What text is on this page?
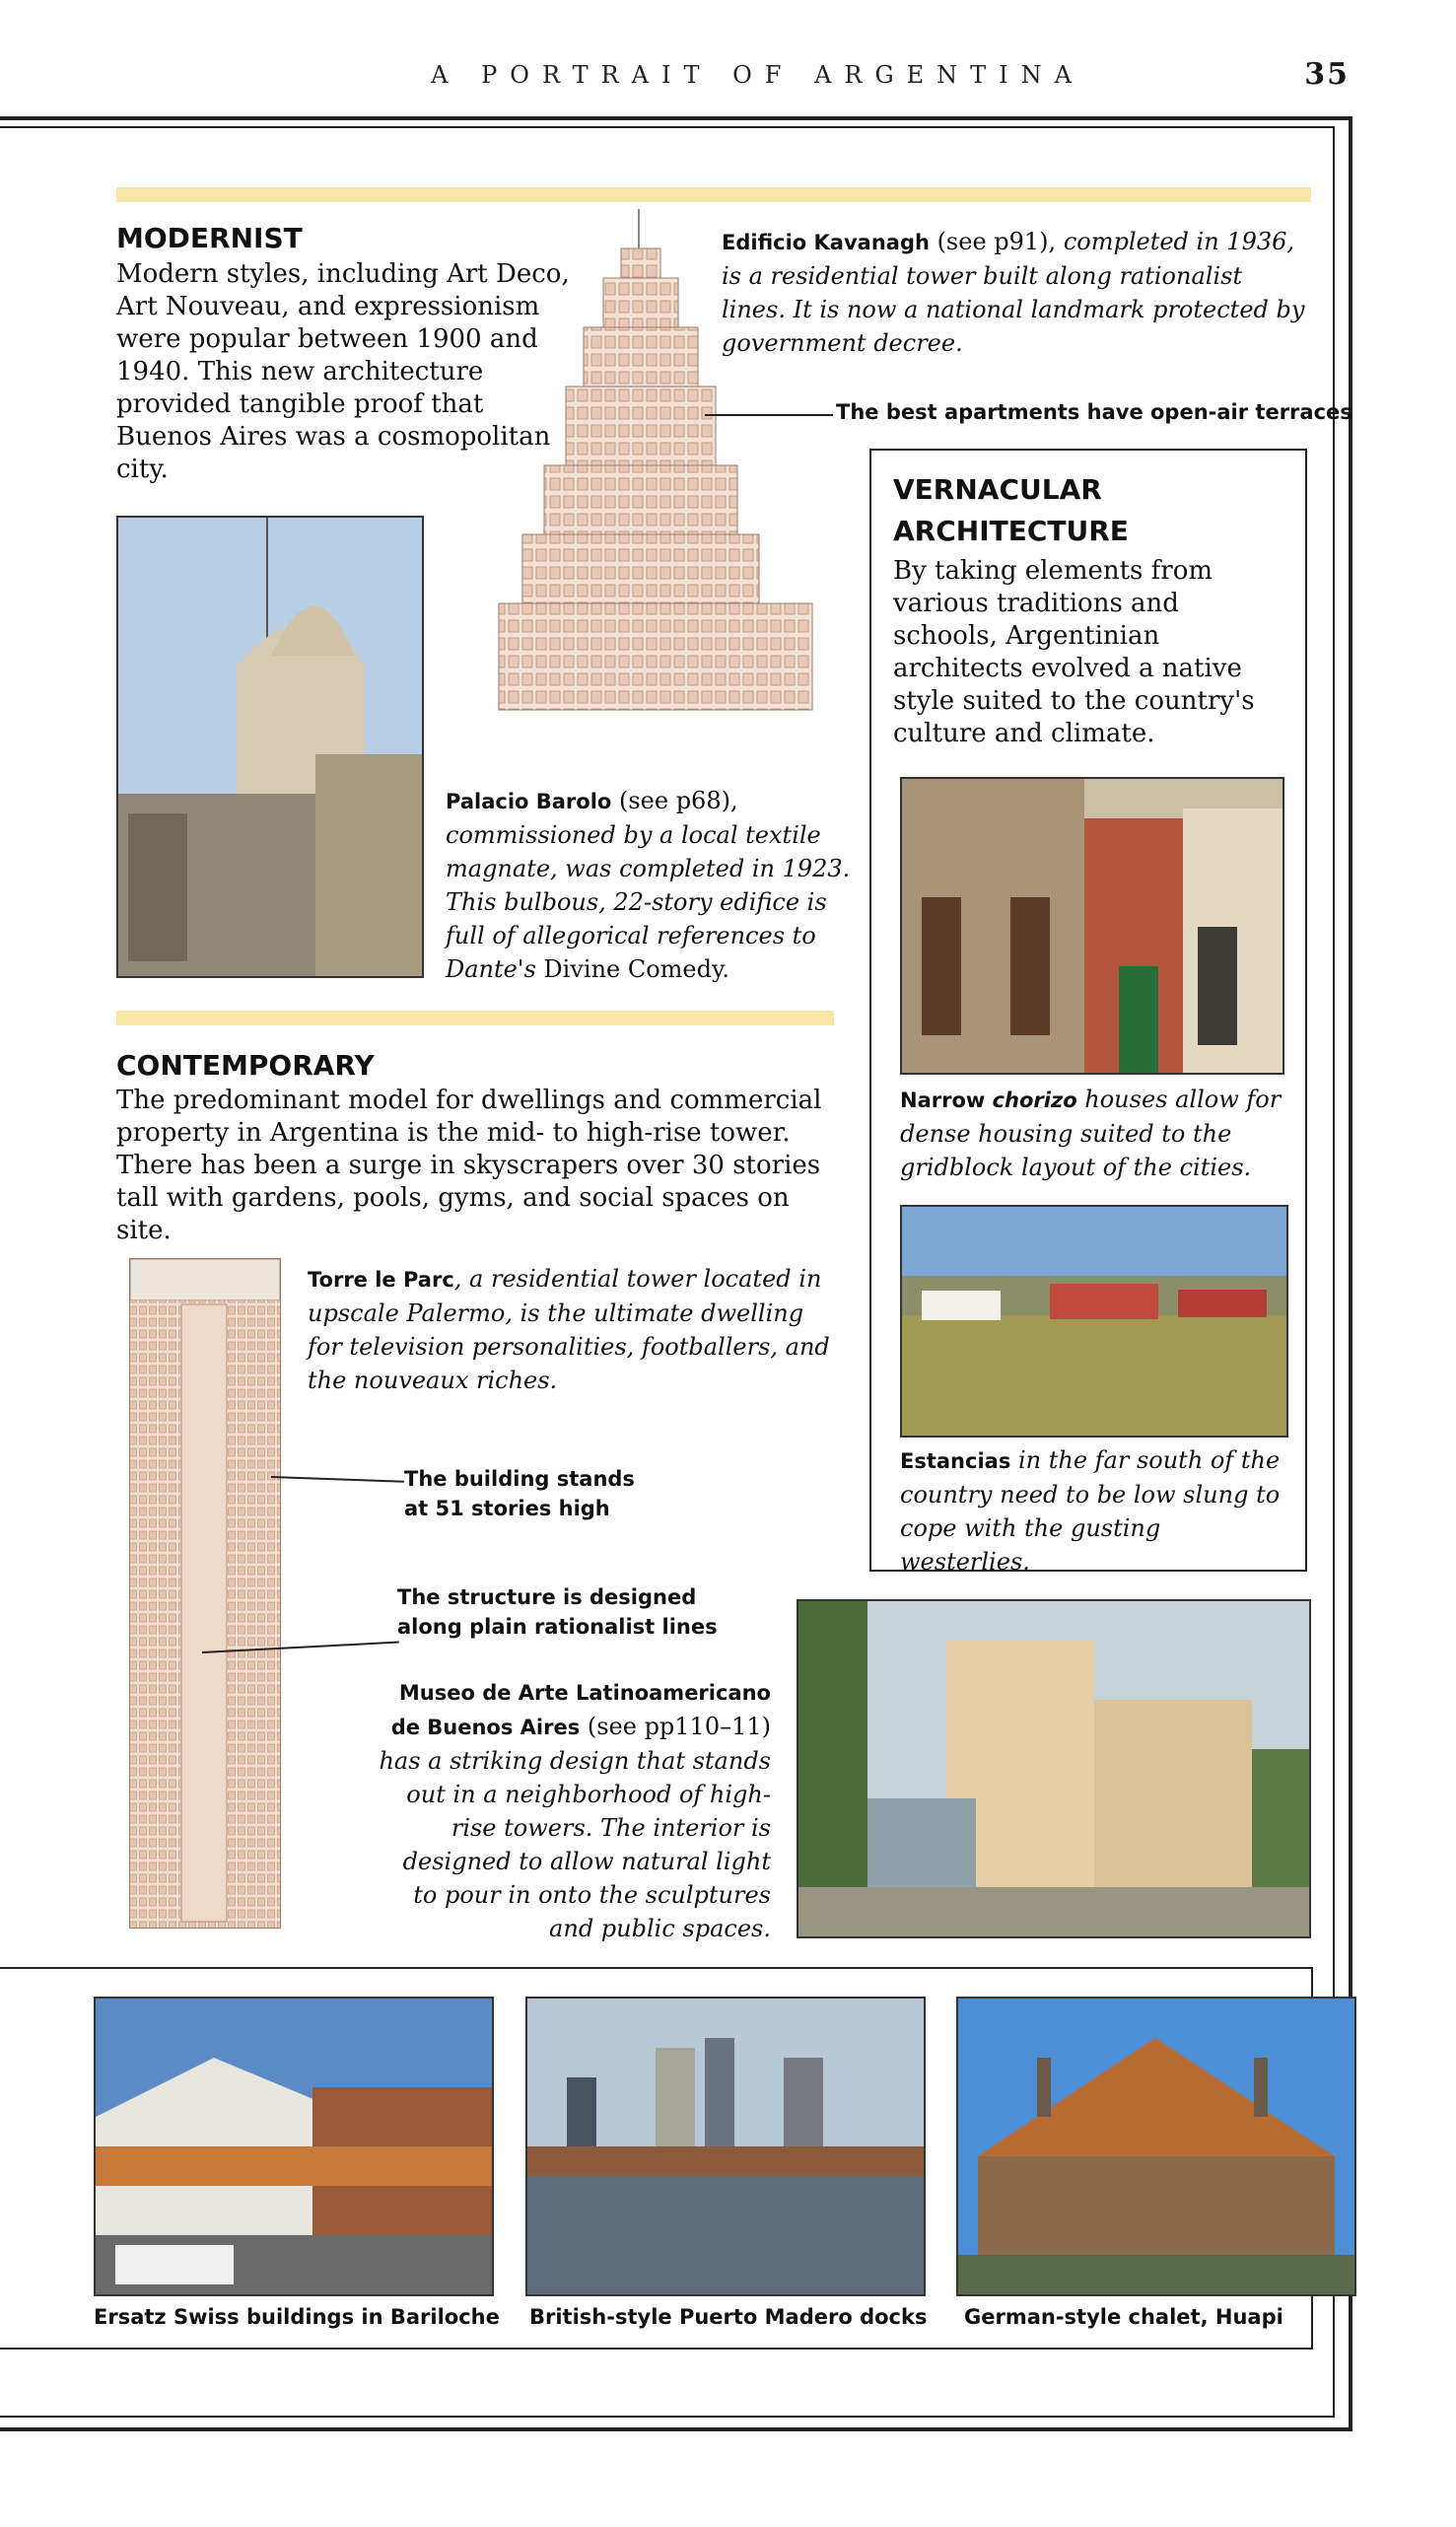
A PORTRAIT OF ARGENTINA	35
MODERNIST
Modern styles, including Art Deco, Art Nouveau, and expressionism were popular between 1900 and 1940. This new architecture provided tangible proof that Buenos Aires was a cosmopolitan city.
Edificio Kavanagh (see p91), completed in 1936, is a residential tower built along rationalist lines. It is now a national landmark protected by government decree.
The best apartments have open-air terraces
Palacio Barolo (see p68), commissioned by a local textile magnate, was completed in 1923. This bulbous, 22-story edifice is full of allegorical references to Dante's Divine Comedy.
VERNACULAR
ARCHITECTURE
By taking elements from various traditions and schools, Argentinian architects evolved a native style suited to the country's culture and climate.
Narrow chorizo houses allow for dense housing suited to the gridblock layout of the cities.
Estancias in the far south of the country need to be low slung to cope with the gusting westerlies.
CONTEMPORARY
The predominant model for dwellings and commercial property in Argentina is the mid- to high-rise tower. There has been a surge in skyscrapers over 30 stories tall with gardens, pools, gyms, and social spaces on site.
Torre le Parc, a residential tower located in upscale Palermo, is the ultimate dwelling for television personalities, footballers, and the nouveaux riches.
The building stands
at 51 stories high
The structure is designed
along plain rationalist lines
Museo de Arte Latinoamericano
de Buenos Aires (see pp110–11)
has a striking design that stands out in a neighborhood of high-rise towers. The interior is designed to allow natural light to pour in onto the sculptures and public spaces.
Ersatz Swiss buildings in Bariloche British-style Puerto Madero docks German-style chalet, Huapi
